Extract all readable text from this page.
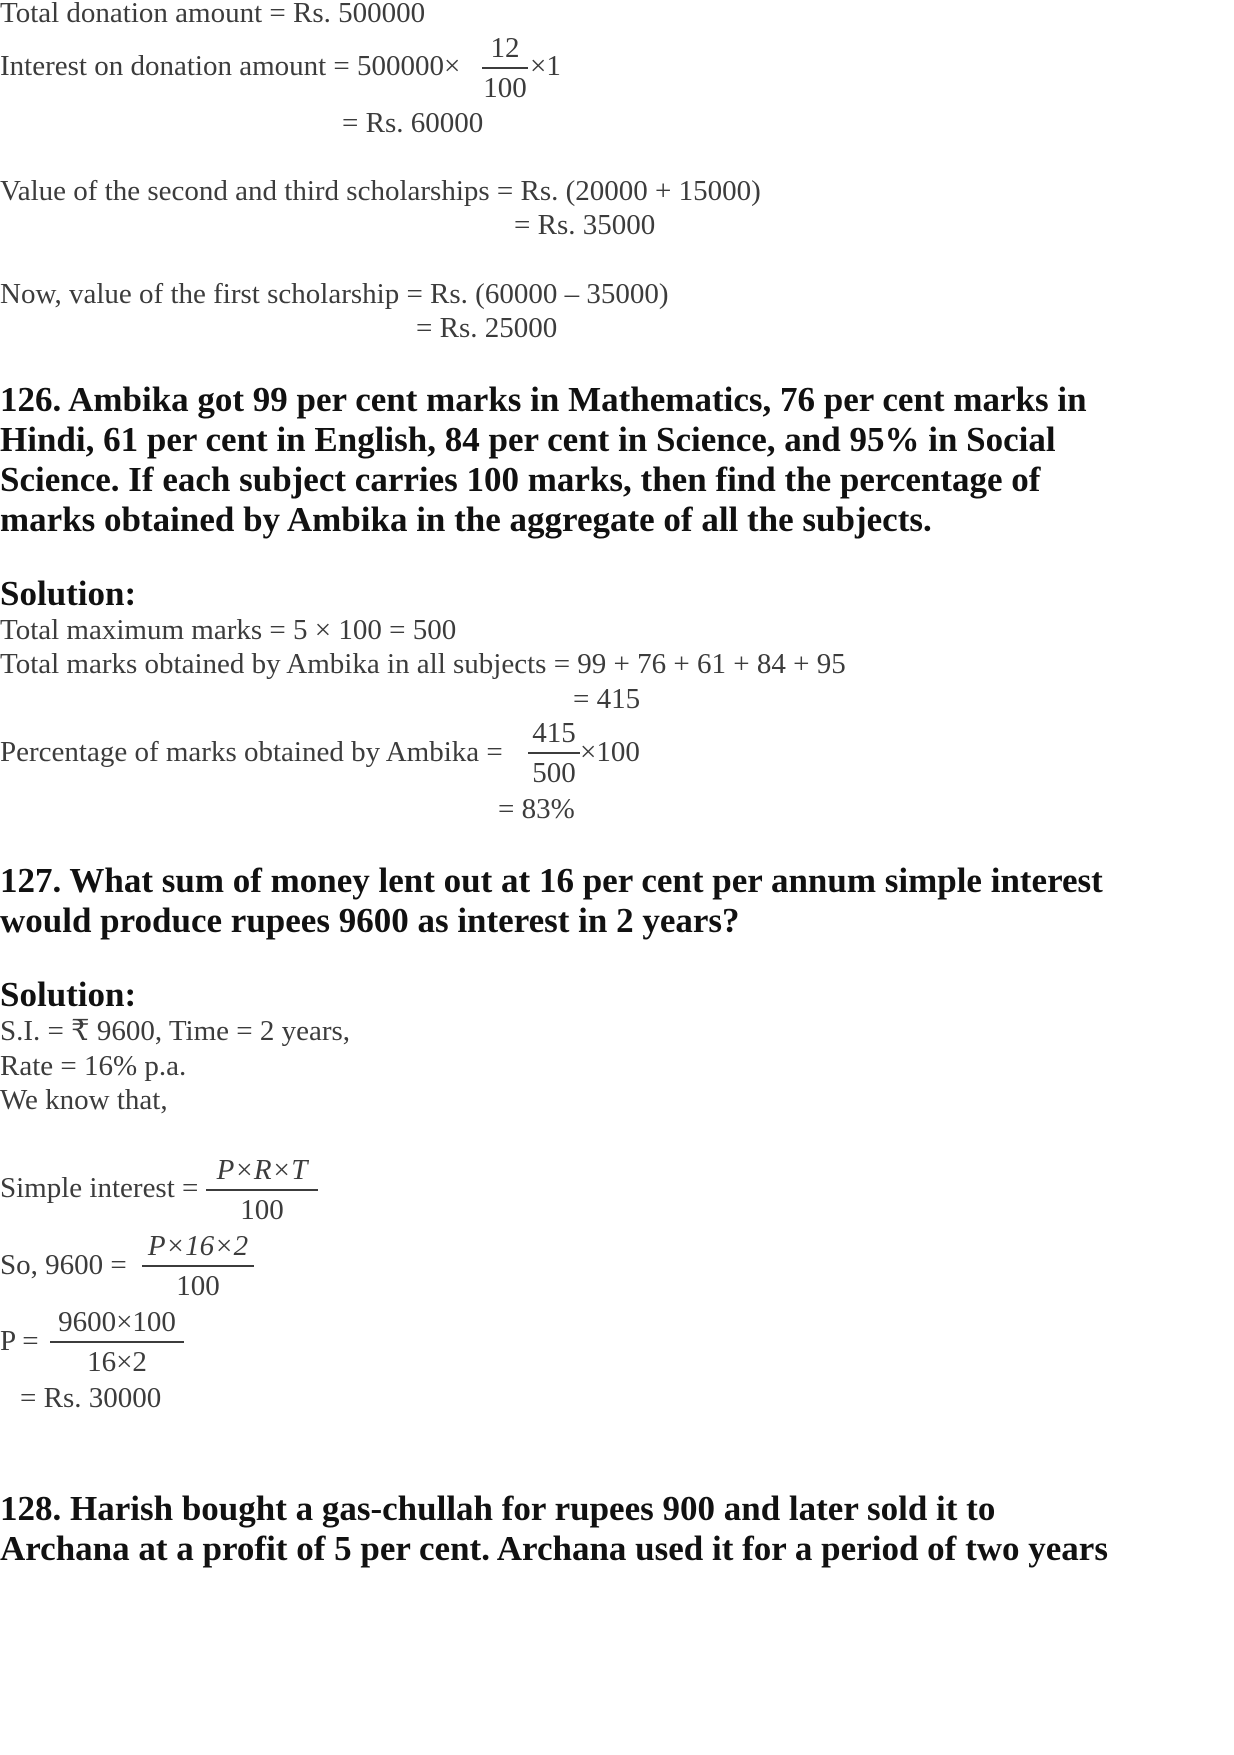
Total donation amount = Rs. 500000
Interest on donation amount = 500000×
12
100
×1
= Rs. 60000
Value of the second and third scholarships = Rs. (20000 + 15000)
= Rs. 35000
Now, value of the first scholarship = Rs. (60000 – 35000)
= Rs. 25000
126. Ambika got 99 per cent marks in Mathematics, 76 per cent marks in
Hindi, 61 per cent in English, 84 per cent in Science, and 95% in Social
Science. If each subject carries 100 marks, then find the percentage of
marks obtained by Ambika in the aggregate of all the subjects.
Solution:
Total maximum marks = 5 × 100 = 500
Total marks obtained by Ambika in all subjects = 99 + 76 + 61 + 84 + 95
= 415
Percentage of marks obtained by Ambika =
415
500
×100
= 83%
127. What sum of money lent out at 16 per cent per annum simple interest
would produce rupees 9600 as interest in 2 years?
Solution:
S.I. = ₹ 9600, Time = 2 years,
Rate = 16% p.a.
We know that,
Simple interest =
P×R×T
100
So, 9600 =
P×16×2
100
P =
9600×100
16×2
= Rs. 30000
128. Harish bought a gas-chullah for rupees 900 and later sold it to
Archana at a profit of 5 per cent. Archana used it for a period of two years
